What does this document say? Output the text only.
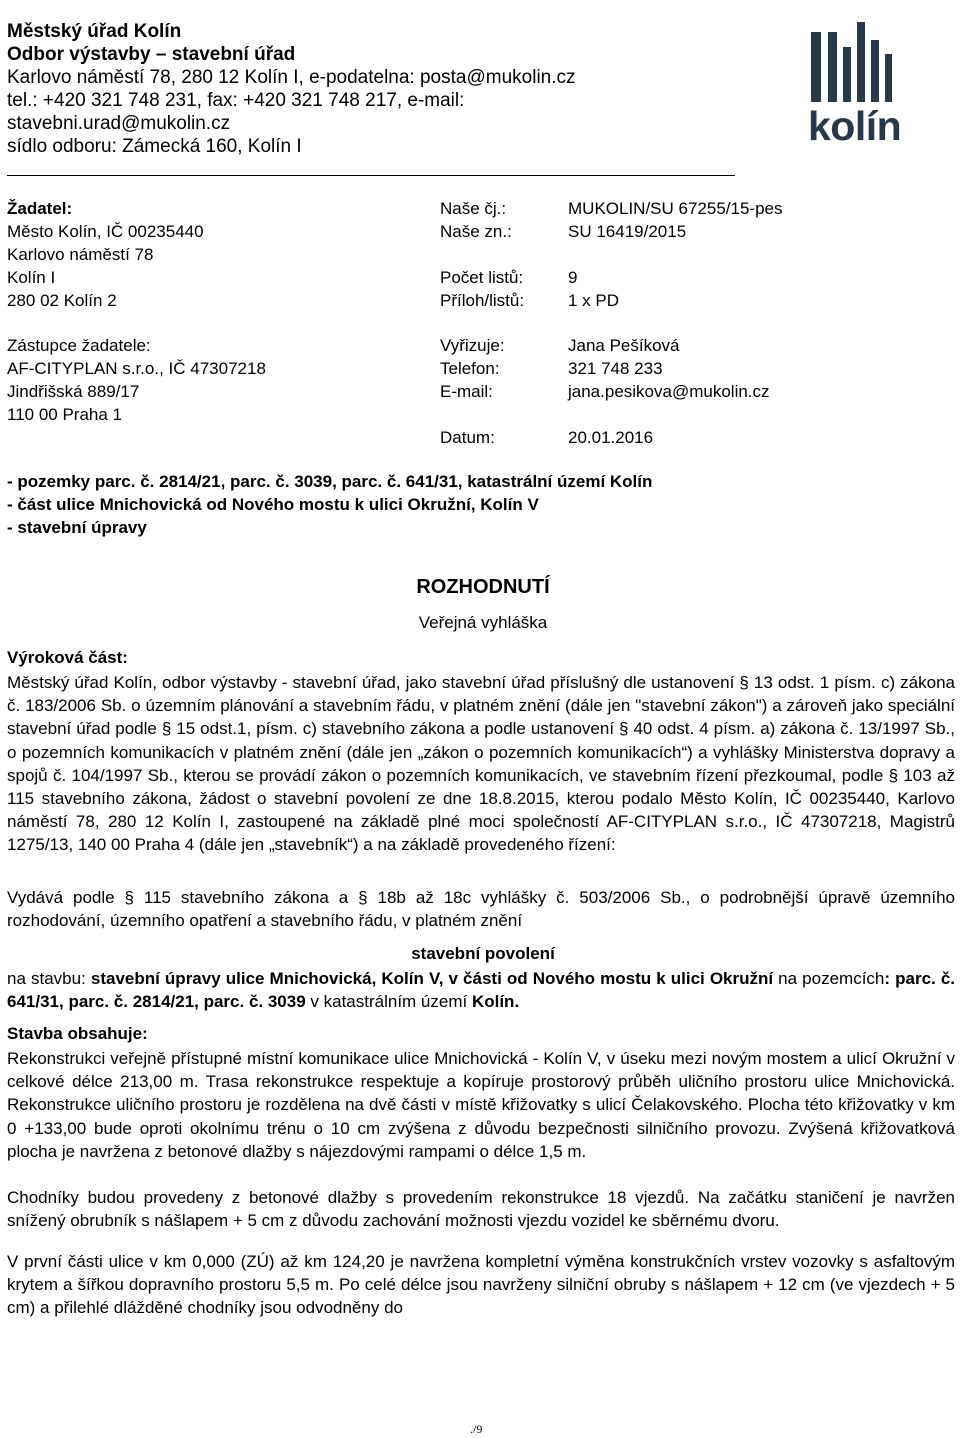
Městský úřad Kolín
Odbor výstavby – stavební úřad
Karlovo náměstí 78, 280 12 Kolín I, e-podatelna: posta@mukolin.cz
tel.: +420 321 748 231, fax: +420 321 748 217, e-mail:
stavebni.urad@mukolin.cz
sídlo odboru: Zámecká 160, Kolín I	kolín
Žadatel:
Město Kolín, IČ 00235440
Karlovo náměstí 78
Kolín I
280 02 Kolín 2
Zástupce žadatele:
AF-CITYPLAN s.r.o., IČ 47307218
Jindřišská 889/17
110 00 Praha 1
Naše čj.:	MUKOLIN/SU 67255/15-pes
Naše zn.:	SU 16419/2015
Počet listů:	9
Příloh/listů:	1 x PD
Vyřizuje:	Jana Pešíková
Telefon:	321 748 233
E-mail:	jana.pesikova@mukolin.cz
Datum:	20.01.2016
- pozemky parc. č. 2814/21, parc. č. 3039, parc. č. 641/31, katastrální území Kolín
- část ulice Mnichovická od Nového mostu k ulici Okružní, Kolín V
- stavební úpravy
ROZHODNUTÍ
Veřejná vyhláška
Výroková část:
Městský úřad Kolín, odbor výstavby - stavební úřad, jako stavební úřad příslušný dle ustanovení § 13 odst. 1 písm. c) zákona č. 183/2006 Sb. o územním plánování a stavebním řádu, v platném znění (dále jen "stavební zákon") a zároveň jako speciální stavební úřad podle § 15 odst.1, písm. c) stavebního zákona a podle ustanovení § 40 odst. 4 písm. a) zákona č. 13/1997 Sb., o pozemních komunikacích v platném znění (dále jen „zákon o pozemních komunikacích“) a vyhlášky Ministerstva dopravy a spojů č. 104/1997 Sb., kterou se provádí zákon o pozemních komunikacích, ve stavebním řízení přezkoumal, podle § 103 až 115 stavebního zákona, žádost o stavební povolení ze dne 18.8.2015, kterou podalo Město Kolín, IČ 00235440, Karlovo náměstí 78, 280 12 Kolín I, zastoupené na základě plné moci společností AF-CITYPLAN s.r.o., IČ 47307218, Magistrů 1275/13, 140 00 Praha 4 (dále jen „stavebník“) a na základě provedeného řízení:
Vydává podle § 115 stavebního zákona a § 18b až 18c vyhlášky č. 503/2006 Sb., o podrobnější úpravě územního rozhodování, územního opatření a stavebního řádu, v platném znění
stavební povolení
na stavbu: stavební úpravy ulice Mnichovická, Kolín V, v části od Nového mostu k ulici Okružní na pozemcích: parc. č. 641/31, parc. č. 2814/21, parc. č. 3039 v katastrálním území Kolín.
Stavba obsahuje:
Rekonstrukci veřejně přístupné místní komunikace ulice Mnichovická - Kolín V, v úseku mezi novým mostem a ulicí Okružní v celkové délce 213,00 m. Trasa rekonstrukce respektuje a kopíruje prostorový průběh uličního prostoru ulice Mnichovická. Rekonstrukce uličního prostoru je rozdělena na dvě části v místě křižovatky s ulicí Čelakovského. Plocha této křižovatky v km 0 +133,00 bude oproti okolnímu trénu o 10 cm zvýšena z důvodu bezpečnosti silničního provozu. Zvýšená křižovatková plocha je navržena z betonové dlažby s nájezdovými rampami o délce 1,5 m.
Chodníky budou provedeny z betonové dlažby s provedením rekonstrukce 18 vjezdů. Na začátku staničení je navržen snížený obrubník s nášlapem + 5 cm z důvodu zachování možnosti vjezdu vozidel ke sběrnému dvoru.
V první části ulice v km 0,000 (ZÚ) až km 124,20 je navržena kompletní výměna konstrukčních vrstev vozovky s asfaltovým krytem a šířkou dopravního prostoru 5,5 m. Po celé délce jsou navrženy silniční obruby s nášlapem + 12 cm (ve vjezdech + 5 cm) a přilehlé dlážděné chodníky jsou odvodněny do
./9
